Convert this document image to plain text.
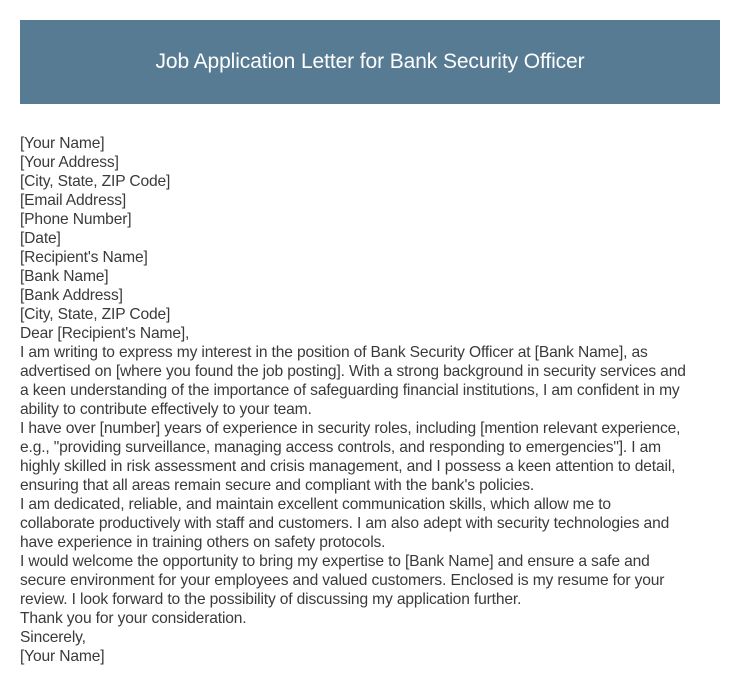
Job Application Letter for Bank Security Officer
[Your Name]
[Your Address]
[City, State, ZIP Code]
[Email Address]
[Phone Number]
[Date]
[Recipient's Name]
[Bank Name]
[Bank Address]
[City, State, ZIP Code]
Dear [Recipient's Name],
I am writing to express my interest in the position of Bank Security Officer at [Bank Name], as
advertised on [where you found the job posting]. With a strong background in security services and
a keen understanding of the importance of safeguarding financial institutions, I am confident in my
ability to contribute effectively to your team.
I have over [number] years of experience in security roles, including [mention relevant experience,
e.g., "providing surveillance, managing access controls, and responding to emergencies"]. I am
highly skilled in risk assessment and crisis management, and I possess a keen attention to detail,
ensuring that all areas remain secure and compliant with the bank's policies.
I am dedicated, reliable, and maintain excellent communication skills, which allow me to
collaborate productively with staff and customers. I am also adept with security technologies and
have experience in training others on safety protocols.
I would welcome the opportunity to bring my expertise to [Bank Name] and ensure a safe and
secure environment for your employees and valued customers. Enclosed is my resume for your
review. I look forward to the possibility of discussing my application further.
Thank you for your consideration.
Sincerely,
[Your Name]
